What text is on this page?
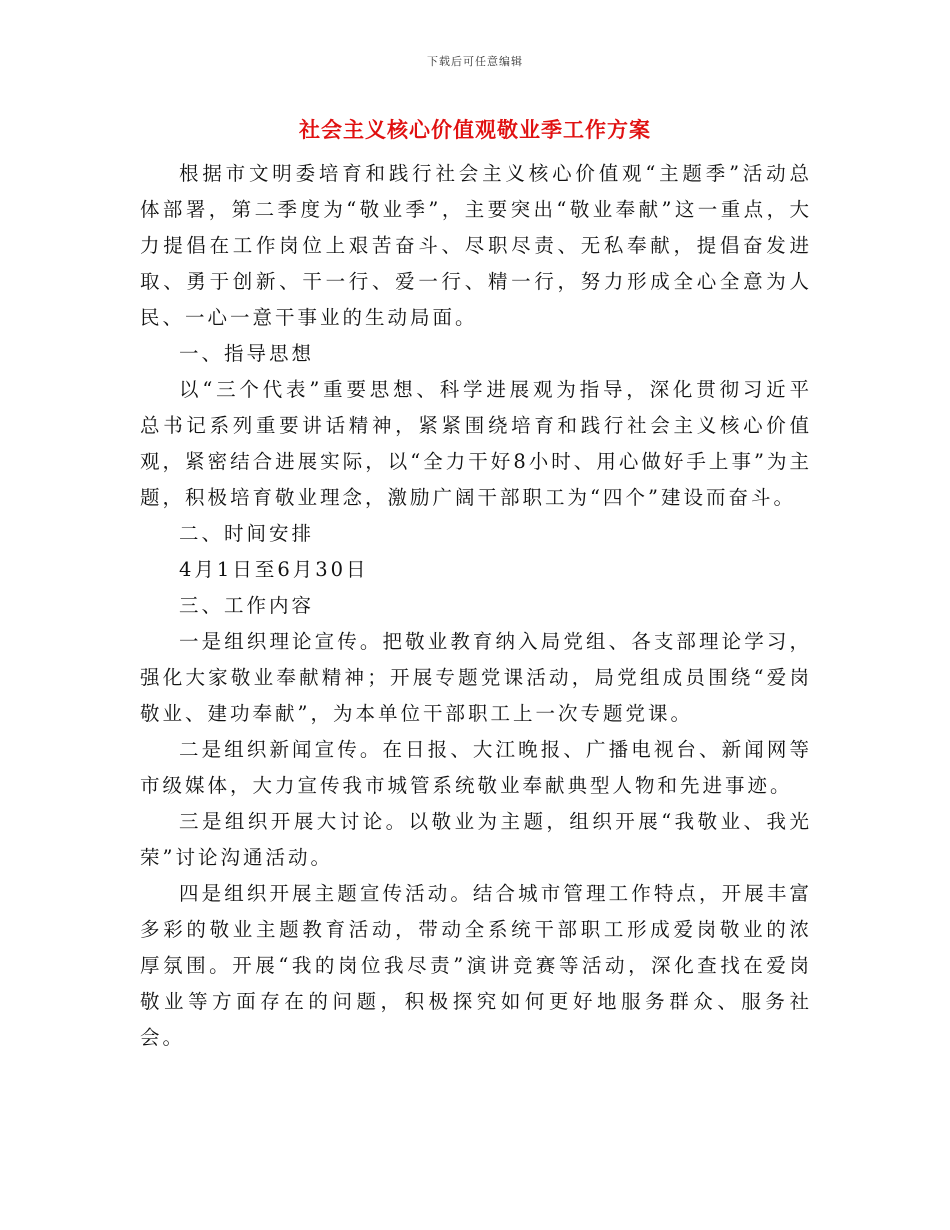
下载后可任意编辑
社会主义核心价值观敬业季工作方案

根据市文明委培育和践行社会主义核心价值观“主题季”活动总体部署，第二季度为“敬业季”，主要突出“敬业奉献”这一重点，大力提倡在工作岗位上艰苦奋斗、尽职尽责、无私奉献，提倡奋发进取、勇于创新、干一行、爱一行、精一行，努力形成全心全意为人民、一心一意干事业的生动局面。

一、指导思想

以“三个代表”重要思想、科学进展观为指导，深化贯彻习近平总书记系列重要讲话精神，紧紧围绕培育和践行社会主义核心价值观，紧密结合进展实际，以“全力干好8小时、用心做好手上事”为主题，积极培育敬业理念，激励广阔干部职工为“四个”建设而奋斗。

二、时间安排

4月1日至6月30日

三、工作内容

一是组织理论宣传。把敬业教育纳入局党组、各支部理论学习，强化大家敬业奉献精神；开展专题党课活动，局党组成员围绕“爱岗敬业、建功奉献”，为本单位干部职工上一次专题党课。

二是组织新闻宣传。在日报、大江晚报、广播电视台、新闻网等市级媒体，大力宣传我市城管系统敬业奉献典型人物和先进事迹。

三是组织开展大讨论。以敬业为主题，组织开展“我敬业、我光荣”讨论沟通活动。

四是组织开展主题宣传活动。结合城市管理工作特点，开展丰富多彩的敬业主题教育活动，带动全系统干部职工形成爱岗敬业的浓厚氛围。开展“我的岗位我尽责”演讲竞赛等活动，深化查找在爱岗敬业等方面存在的问题，积极探究如何更好地服务群众、服务社会。
